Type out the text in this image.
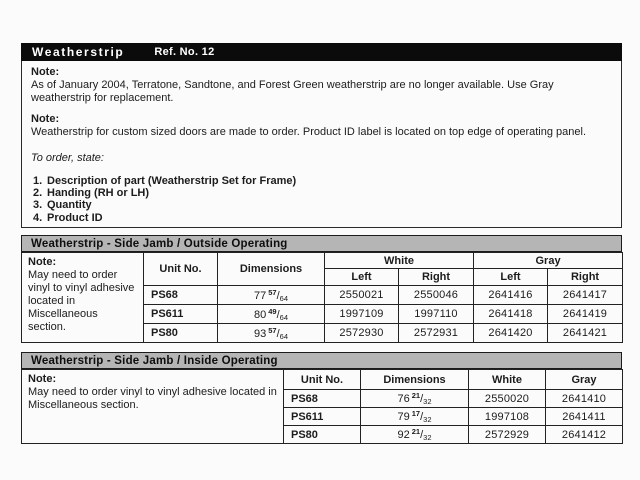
Weatherstrip	Ref. No. 12
Note:
As of January 2004, Terratone, Sandtone, and Forest Green weatherstrip are no longer available. Use Gray weatherstrip for replacement.
Note:
Weatherstrip for custom sized doors are made to order. Product ID label is located on top edge of operating panel.
To order, state:
1. Description of part (Weatherstrip Set for Frame)
2. Handing (RH or LH)
3. Quantity
4. Product ID
Weatherstrip - Side Jamb / Outside Operating
Note:
May need to order vinyl to vinyl adhesive located in Miscellaneous section.	Unit No.	Dimensions	White		Gray	
			Left	Right	Left	Right
	PS68	77 $^{57}/_{64}$	2550021	2550046	2641416	2641417
	PS611	80 $^{49}/_{64}$	1997109	1997110	2641418	2641419
	PS80	93 $^{57}/_{64}$	2572930	2572931	2641420	2641421
Weatherstrip - Side Jamb / Inside Operating
Note:
May need to order vinyl to vinyl adhesive located in Miscellaneous section.	Unit No.	Dimensions	White	Gray
	PS68	76 $^{21}/_{32}$	2550020	2641410
	PS611	79 $^{17}/_{32}$	1997108	2641411
	PS80	92 $^{21}/_{32}$	2572929	2641412
